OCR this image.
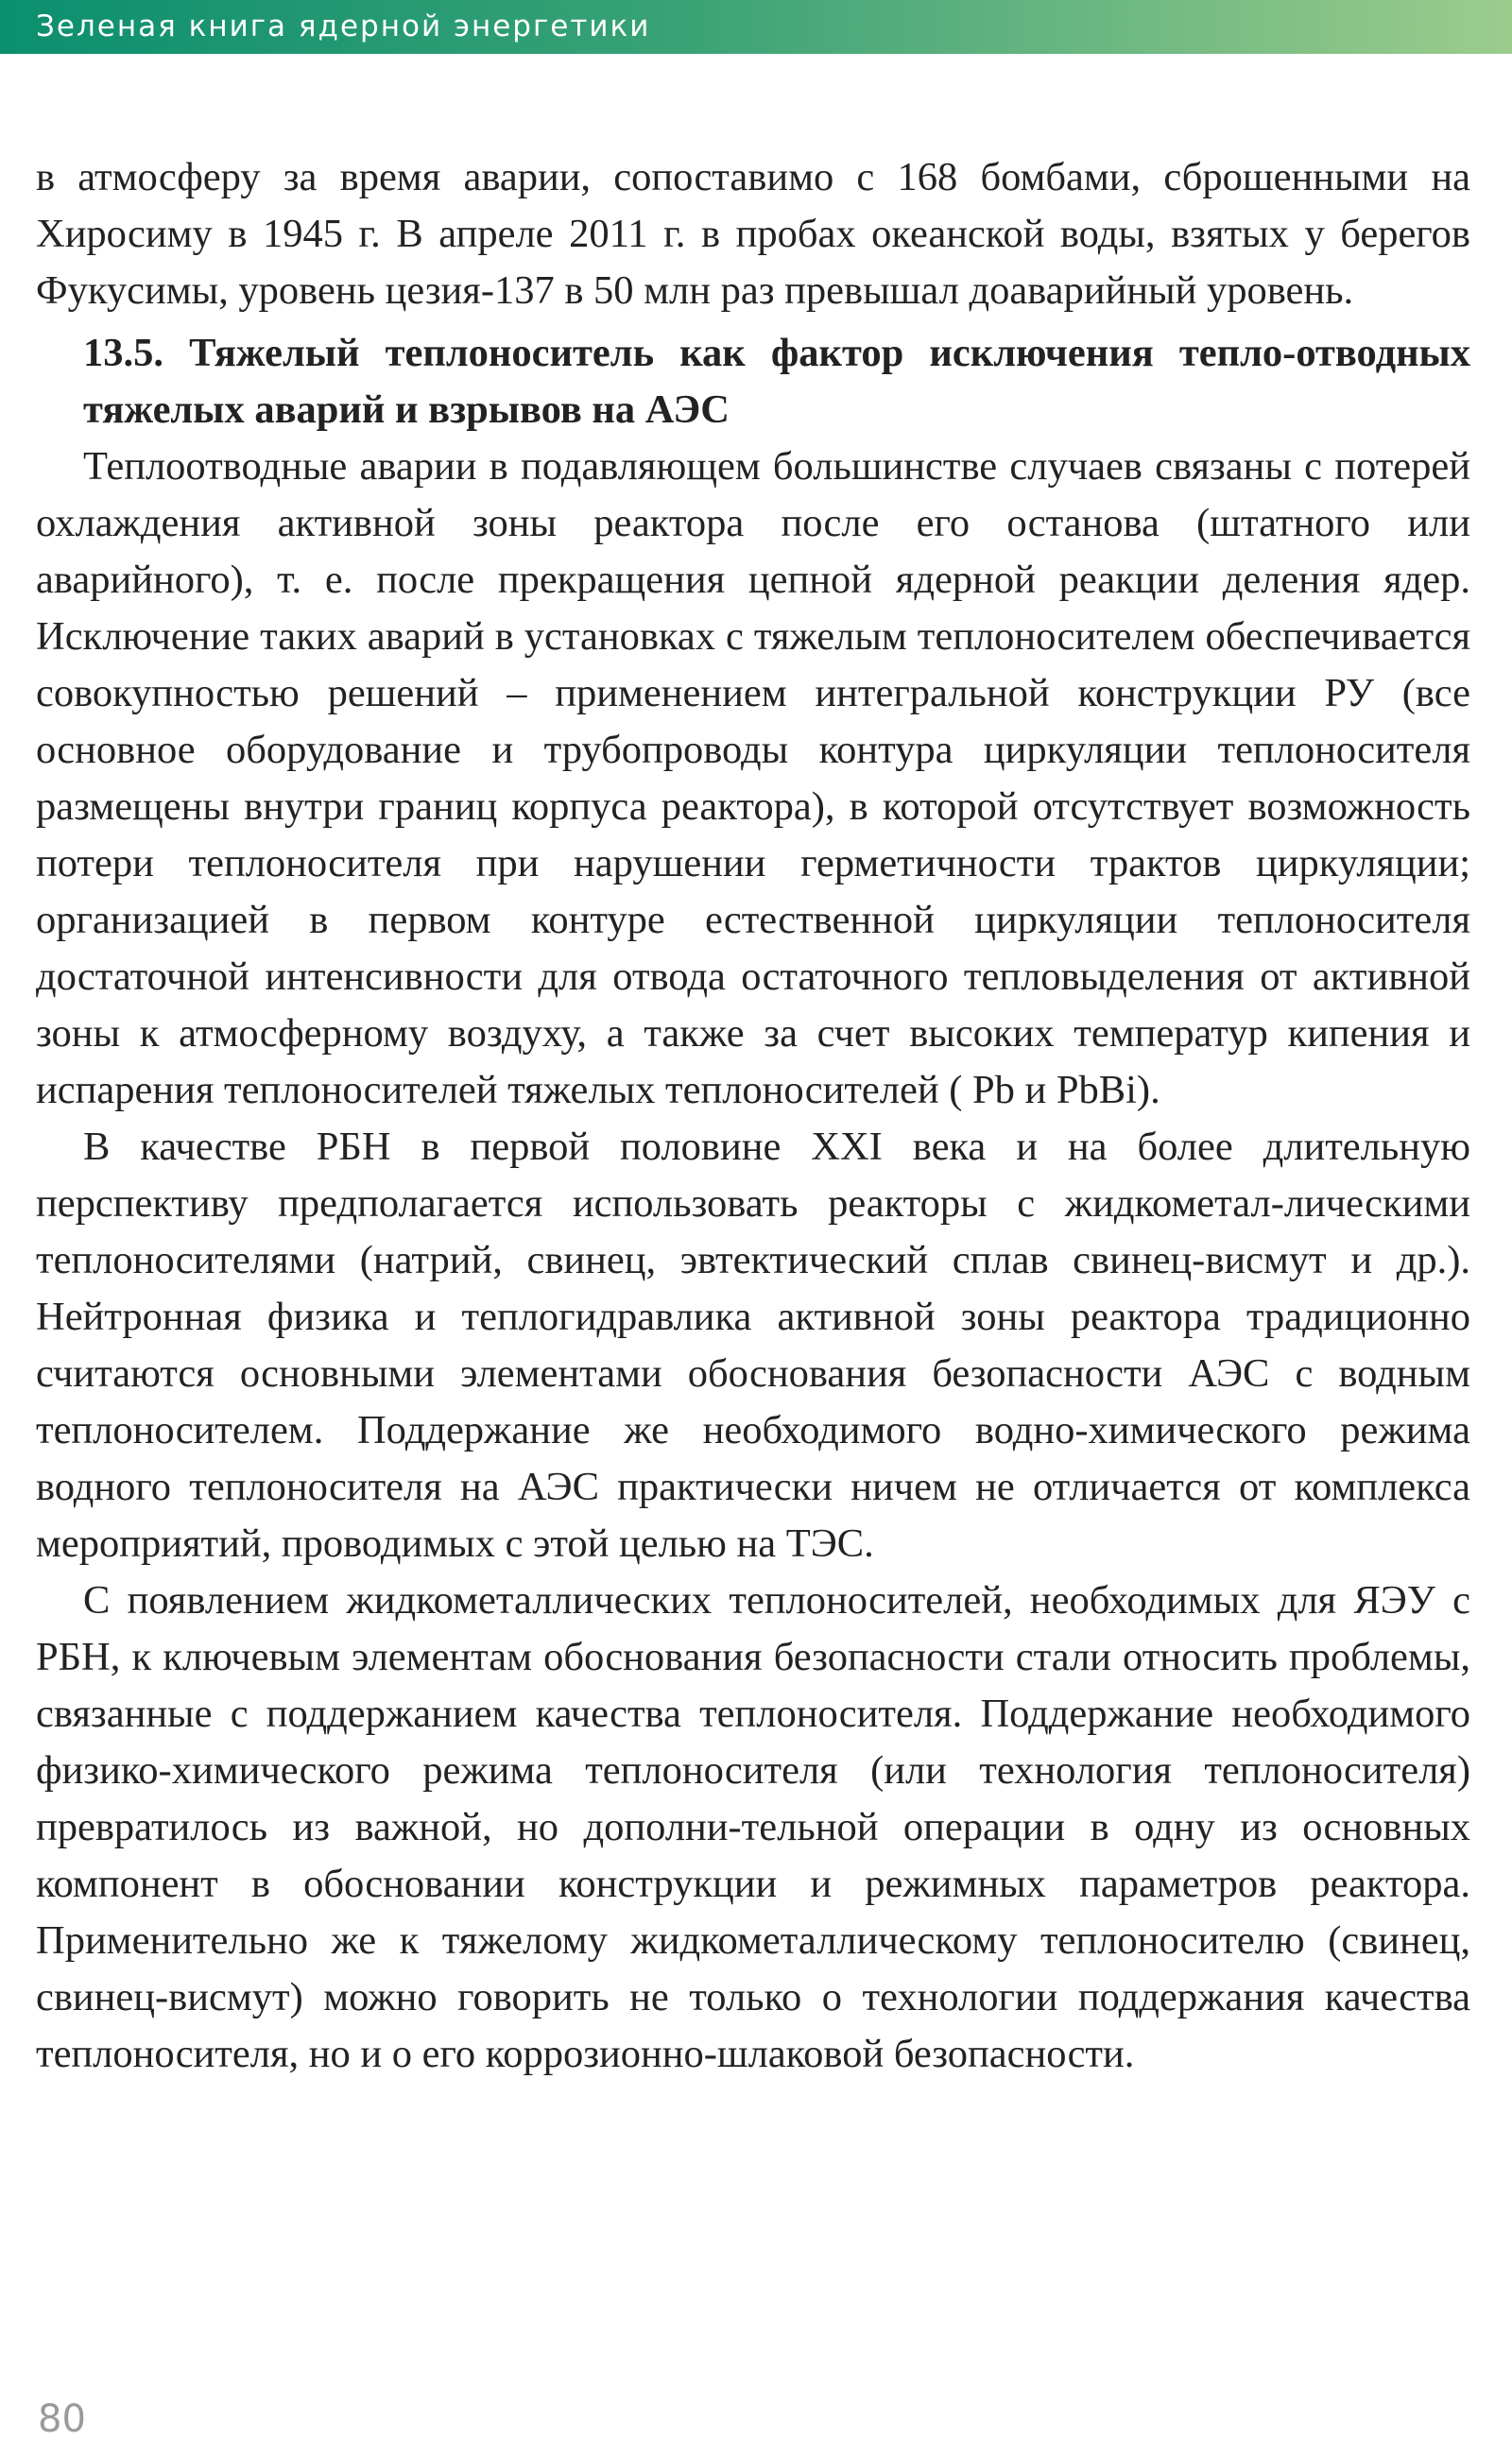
Зеленая книга ядерной энергетики

в атмосферу за время аварии, сопоставимо с 168 бомбами, сброшенными на Хиросиму в 1945 г. В апреле 2011 г. в пробах океанской воды, взятых у берегов Фукусимы, уровень цезия-137 в 50 млн раз превышал доаварийный уровень.

13.5. Тяжелый теплоноситель как фактор исключения тепло-отводных тяжелых аварий и взрывов на АЭС

Теплоотводные аварии в подавляющем большинстве случаев связаны с потерей охлаждения активной зоны реактора после его останова (штатного или аварийного), т. е. после прекращения цепной ядерной реакции деления ядер. Исключение таких аварий в установках с тяжелым теплоносителем обеспечивается совокупностью решений – применением интегральной конструкции РУ (все основное оборудование и трубопроводы контура циркуляции теплоносителя размещены внутри границ корпуса реактора), в которой отсутствует возможность потери теплоносителя при нарушении герметичности трактов циркуляции; организацией в первом контуре естественной циркуляции теплоносителя достаточной интенсивности для отвода остаточного тепловыделения от активной зоны к атмосферному воздуху, а также за счет высоких температур кипения и испарения теплоносителей тяжелых теплоносителей ( Pb и PbBi).

В качестве РБН в первой половине XXI века и на более длительную перспективу предполагается использовать реакторы с жидкометал-лическими теплоносителями (натрий, свинец, эвтектический сплав свинец-висмут и др.). Нейтронная физика и теплогидравлика активной зоны реактора традиционно считаются основными элементами обоснования безопасности АЭС с водным теплоносителем. Поддержание же необходимого водно-химического режима водного теплоносителя на АЭС практически ничем не отличается от комплекса мероприятий, проводимых с этой целью на ТЭС.

С появлением жидкометаллических теплоносителей, необходимых для ЯЭУ с РБН, к ключевым элементам обоснования безопасности стали относить проблемы, связанные с поддержанием качества теплоносителя. Поддержание необходимого физико-химического режима теплоносителя (или технология теплоносителя) превратилось из важной, но дополни-тельной операции в одну из основных компонент в обосновании конструкции и режимных параметров реактора. Применительно же к тяжелому жидкометаллическому теплоносителю (свинец, свинец-висмут) можно говорить не только о технологии поддержания качества теплоносителя, но и о его коррозионно-шлаковой безопасности.

80
